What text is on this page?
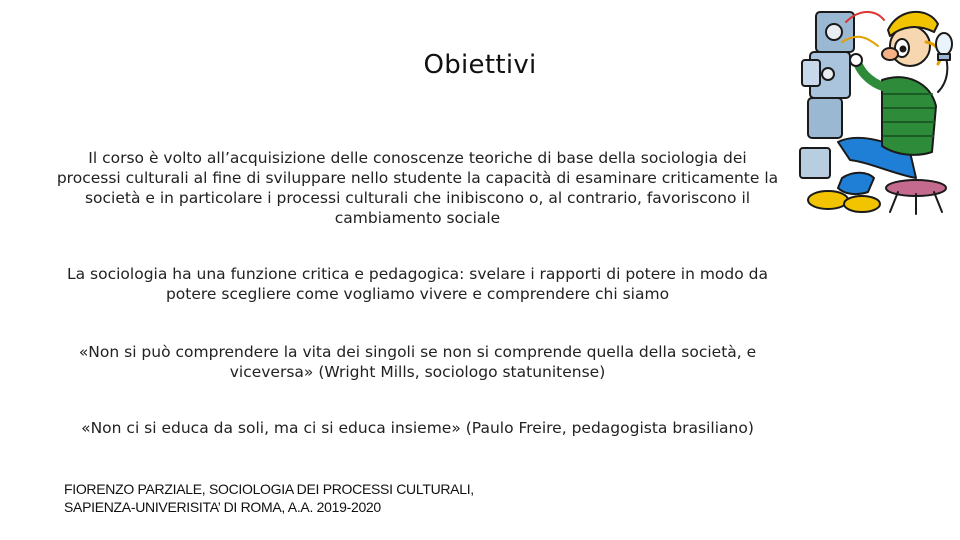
Obiettivi
Il corso è volto all’acquisizione delle conoscenze teoriche di base della sociologia dei processi culturali al fine di sviluppare nello studente la capacità di esaminare criticamente la società e in particolare i processi culturali che inibiscono o, al contrario, favoriscono il cambiamento sociale
La sociologia ha una funzione critica e pedagogica: svelare i rapporti di potere in modo da potere scegliere come vogliamo vivere e comprendere chi siamo
«Non si può comprendere la vita dei singoli se non si comprende quella della società, e viceversa» (Wright Mills, sociologo statunitense)
«Non ci si educa da soli, ma ci si educa insieme» (Paulo Freire, pedagogista brasiliano)
FIORENZO PARZIALE, SOCIOLOGIA DEI PROCESSI CULTURALI,
SAPIENZA-UNIVERISITA’ DI ROMA, A.A. 2019-2020
